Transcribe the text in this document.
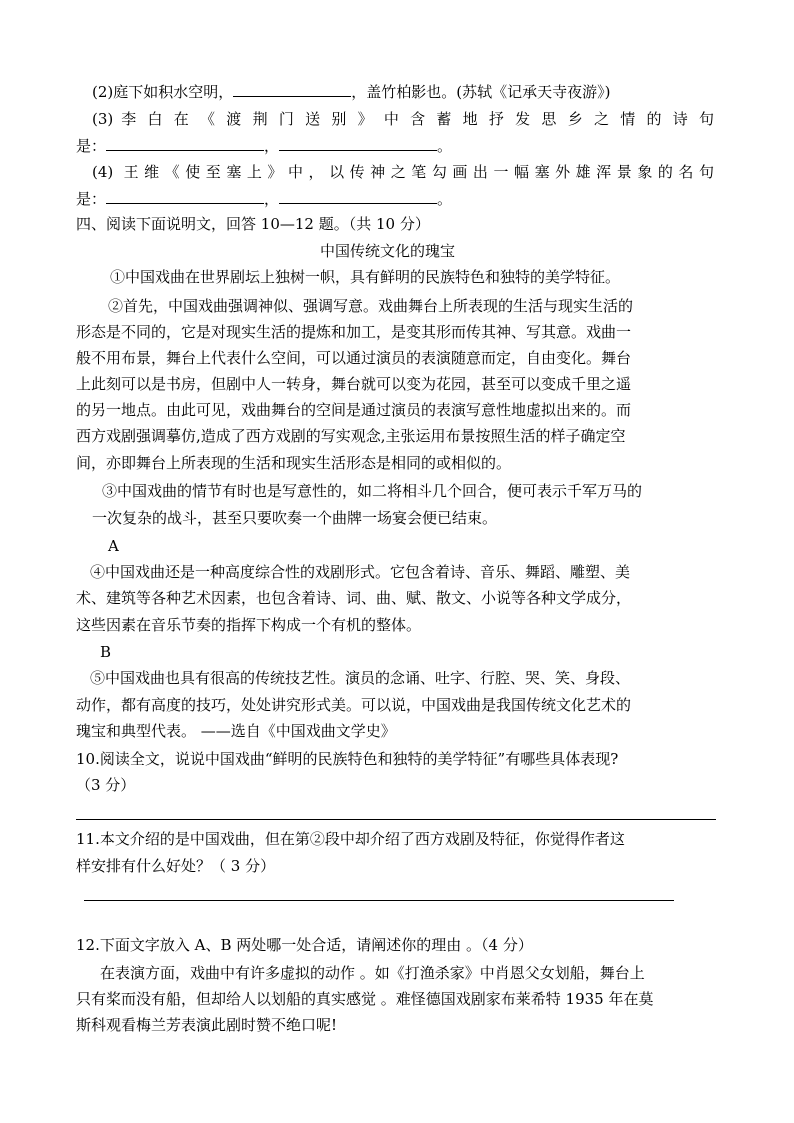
(2)庭下如积水空明，	，盖竹柏影也。(苏轼《记承天寺夜游》)
(3) 李 白 在 《 渡 荆 门 送 别 》 中 含 蓄 地 抒 发 思 乡 之 情 的 诗 句
是：	，	。
(4) 王维《使至塞上》中，以传神之笔勾画出一幅塞外雄浑景象的名句
是：	，	。
四、阅读下面说明文，回答 10—12 题。（共 10 分）
中国传统文化的瑰宝
①中国戏曲在世界剧坛上独树一帜，具有鲜明的民族特色和独特的美学特征。
②首先，中国戏曲强调神似、强调写意。戏曲舞台上所表现的生活与现实生活的
形态是不同的，它是对现实生活的提炼和加工，是变其形而传其神、写其意。戏曲一
般不用布景，舞台上代表什么空间，可以通过演员的表演随意而定，自由变化。舞台
上此刻可以是书房，但剧中人一转身，舞台就可以变为花园，甚至可以变成千里之遥
的另一地点。由此可见，戏曲舞台的空间是通过演员的表演写意性地虚拟出来的。而
西方戏剧强调摹仿,造成了西方戏剧的写实观念,主张运用布景按照生活的样子确定空
间，亦即舞台上所表现的生活和现实生活形态是相同的或相似的。
③中国戏曲的情节有时也是写意性的，如二将相斗几个回合，便可表示千军万马的
一次复杂的战斗，甚至只要吹奏一个曲牌一场宴会便已结束。
A
④中国戏曲还是一种高度综合性的戏剧形式。它包含着诗、音乐、舞蹈、雕塑、美
术、建筑等各种艺术因素，也包含着诗、词、曲、赋、散文、小说等各种文学成分，
这些因素在音乐节奏的指挥下构成一个有机的整体。
B
⑤中国戏曲也具有很高的传统技艺性。演员的念诵、吐字、行腔、哭、笑、身段、
动作，都有高度的技巧，处处讲究形式美。可以说，中国戏曲是我国传统文化艺术的
瑰宝和典型代表。 ——选自《中国戏曲文学史》
10.阅读全文，说说中国戏曲“鲜明的民族特色和独特的美学特征”有哪些具体表现?
（3 分）
11.本文介绍的是中国戏曲，但在第②段中却介绍了西方戏剧及特征，你觉得作者这
样安排有什么好处？（ 3 分）
12.下面文字放入 A、B 两处哪一处合适，请阐述你的理由 。（4 分）
在表演方面，戏曲中有许多虚拟的动作 。如《打渔杀家》中肖恩父女划船，舞台上
只有桨而没有船，但却给人以划船的真实感觉 。难怪德国戏剧家布莱希特 1935 年在莫
斯科观看梅兰芳表演此剧时赞不绝口呢!
